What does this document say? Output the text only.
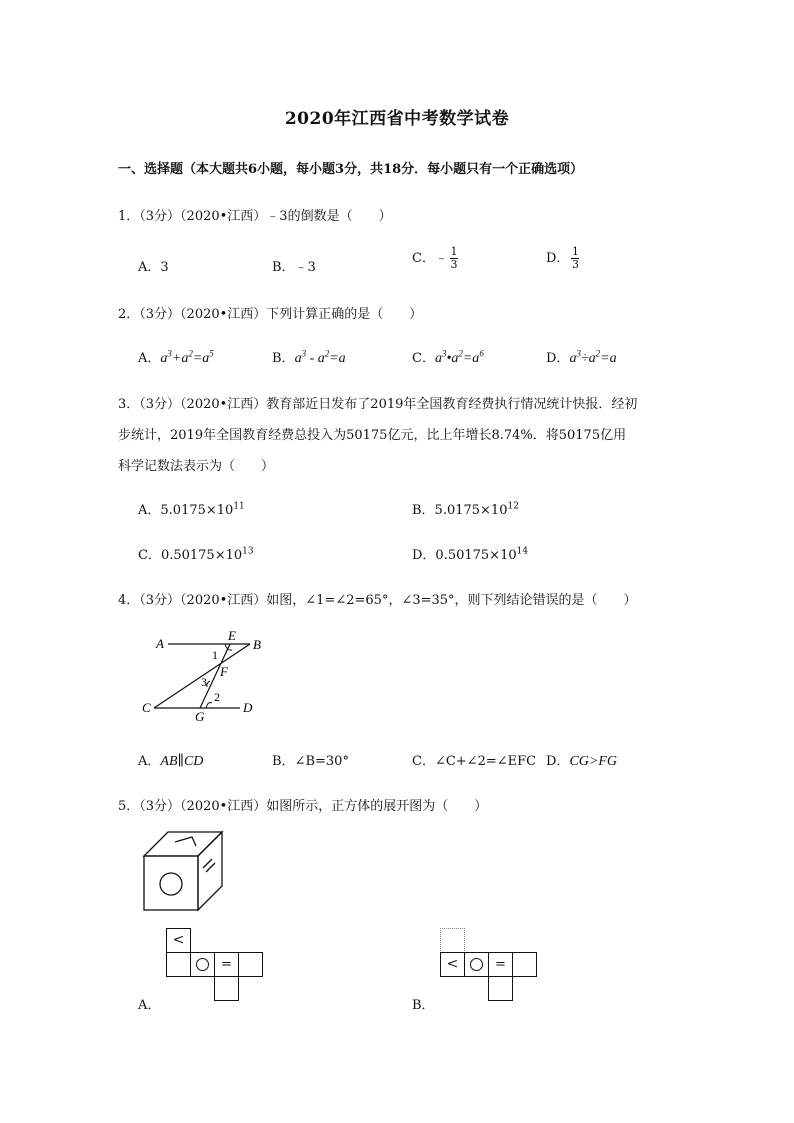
2020年江西省中考数学试卷
一、选择题（本大题共6小题，每小题3分，共18分．每小题只有一个正确选项）
1．（3分）（2020•江西）﹣3的倒数是（　　）
A．3	B．﹣3
C．﹣ $\frac{1}{3}$	D． $\frac{1}{3}$
2．（3分）（2020•江西）下列计算正确的是（　　）
A．$a^3+a^2=a^5$	B．$a^3 - a^2=a$	C．$a^3•a^2=a^6$	D．$a^3\div a^2=a$
3．（3分）（2020•江西）教育部近日发布了2019年全国教育经费执行情况统计快报．经初
步统计，2019年全国教育经费总投入为50175亿元，比上年增长8.74%．将50175亿用
科学记数法表示为（　　）
A．$5.0175\times 10^{11}$	B．$5.0175\times 10^{12}$
C．$0.50175\times 10^{13}$	D．$0.50175\times 10^{14}$
4．（3分）（2020•江西）如图，∠1=∠2=65°，∠3=35°，则下列结论错误的是（　　）
A	B
C	D
E
F
G
1
2
3
A．AB∥CD	B．∠B=30°	C．∠C+∠2=∠EFC D．CG>FG
5．（3分）（2020•江西）如图所示，正方体的展开图为（　　）
<
=
A．
<	=
B．
